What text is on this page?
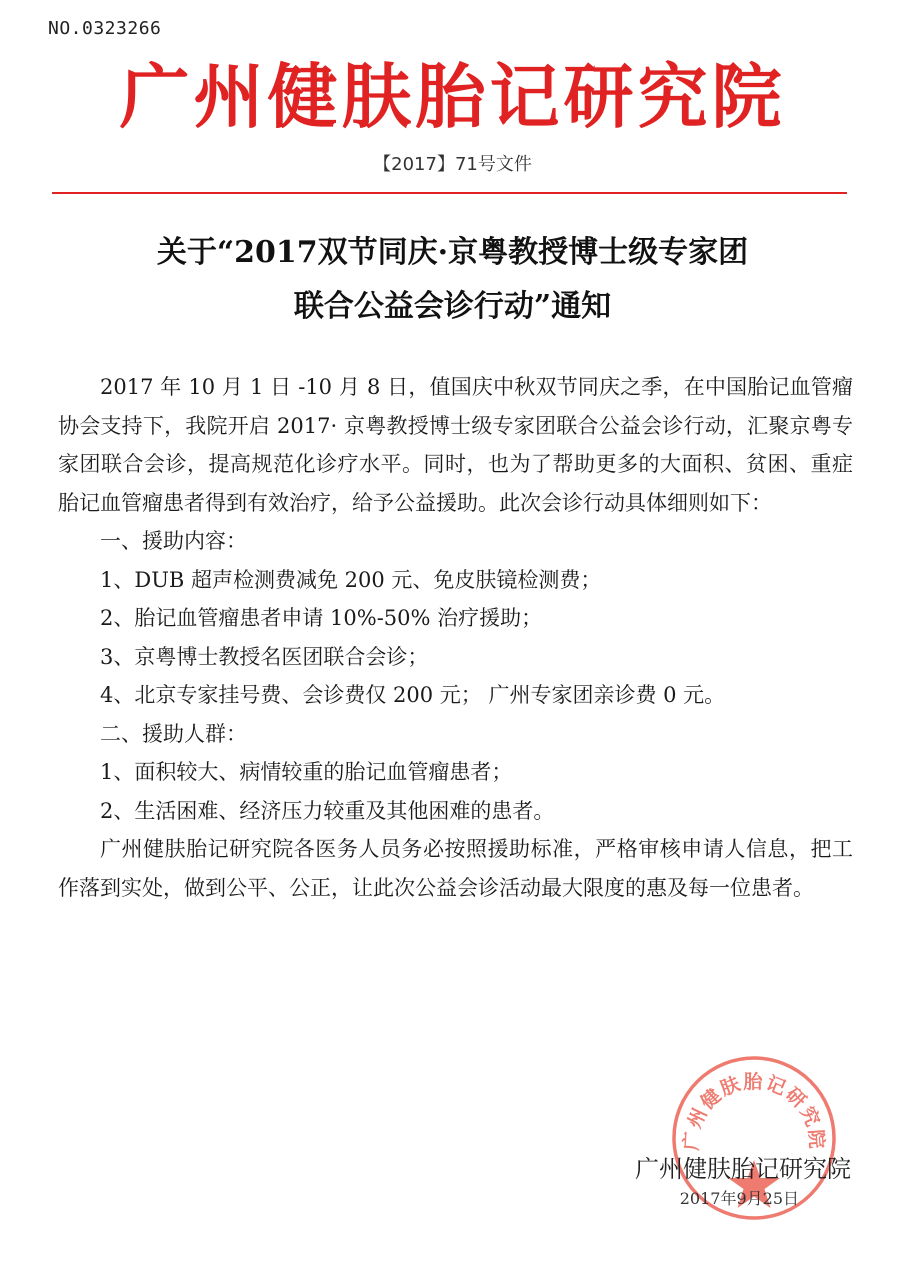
NO.0323266
广州健肤胎记研究院
【2017】71号文件
关于“2017双节同庆·京粤教授博士级专家团
联合公益会诊行动”通知

2017 年 10 月 1 日 -10 月 8 日，值国庆中秋双节同庆之季，在中国胎记血管瘤协会支持下，我院开启 2017· 京粤教授博士级专家团联合公益会诊行动，汇聚京粤专家团联合会诊，提高规范化诊疗水平。同时，也为了帮助更多的大面积、贫困、重症胎记血管瘤患者得到有效治疗，给予公益援助。此次会诊行动具体细则如下：

一、援助内容：

1、DUB 超声检测费减免 200 元、免皮肤镜检测费；

2、胎记血管瘤患者申请 10%-50% 治疗援助；

3、京粤博士教授名医团联合会诊；

4、北京专家挂号费、会诊费仅 200 元； 广州专家团亲诊费 0 元。

二、援助人群：

1、面积较大、病情较重的胎记血管瘤患者；

2、生活困难、经济压力较重及其他困难的患者。

广州健肤胎记研究院各医务人员务必按照援助标准，严格审核申请人信息，把工作落到实处，做到公平、公正，让此次公益会诊活动最大限度的惠及每一位患者。

广州健肤胎记研究院
广州健肤胎记研究院
2017年9月25日
